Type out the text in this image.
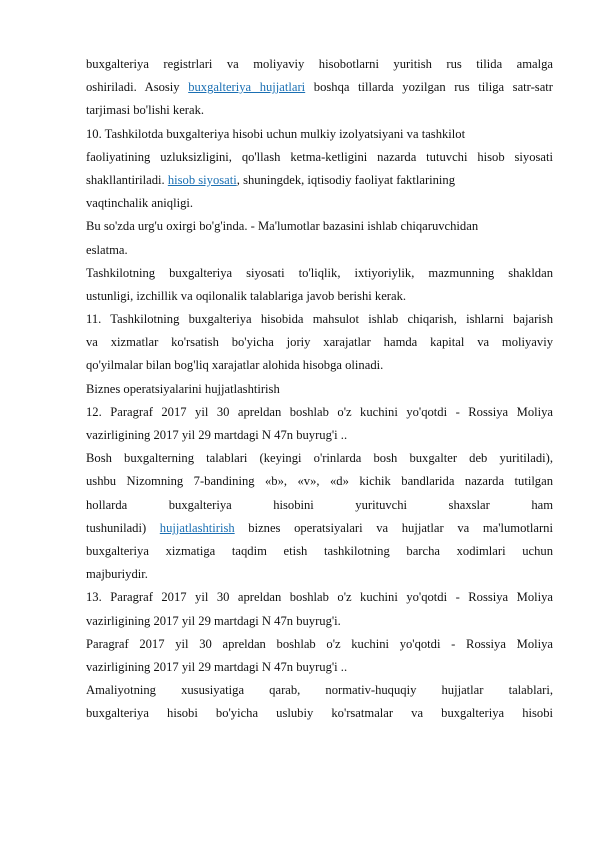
buxgalteriya registrlari va moliyaviy hisobotlarni yuritish rus tilida amalga
oshiriladi. Asosiy buxgalteriya hujjatlari boshqa tillarda yozilgan rus tiliga satr-satr
tarjimasi bo'lishi kerak.
10. Tashkilotda buxgalteriya hisobi uchun mulkiy izolyatsiyani va tashkilot
faoliyatining uzluksizligini, qo'llash ketma-ketligini nazarda tutuvchi hisob siyosati
shakllantiriladi. hisob siyosati, shuningdek, iqtisodiy faoliyat faktlarining
vaqtinchalik aniqligi.
Bu so'zda urg'u oxirgi bo'g'inda. - Ma'lumotlar bazasini ishlab chiqaruvchidan
eslatma.
Tashkilotning buxgalteriya siyosati to'liqlik, ixtiyoriylik, mazmunning shakldan
ustunligi, izchillik va oqilonalik talablariga javob berishi kerak.
11. Tashkilotning buxgalteriya hisobida mahsulot ishlab chiqarish, ishlarni bajarish
va xizmatlar ko'rsatish bo'yicha joriy xarajatlar hamda kapital va moliyaviy
qo'yilmalar bilan bog'liq xarajatlar alohida hisobga olinadi.
Biznes operatsiyalarini hujjatlashtirish
12. Paragraf 2017 yil 30 apreldan boshlab o'z kuchini yo'qotdi - Rossiya Moliya
vazirligining 2017 yil 29 martdagi N 47n buyrug'i ..
Bosh buxgalterning talablari (keyingi o'rinlarda bosh buxgalter deb yuritiladi),
ushbu Nizomning 7-bandining «b», «v», «d» kichik bandlarida nazarda tutilgan
hollarda buxgalteriya hisobini yurituvchi shaxslar ham
tushuniladi) hujjatlashtirish biznes operatsiyalari va hujjatlar va ma'lumotlarni
buxgalteriya xizmatiga taqdim etish tashkilotning barcha xodimlari uchun
majburiydir.
13. Paragraf 2017 yil 30 apreldan boshlab o'z kuchini yo'qotdi - Rossiya Moliya
vazirligining 2017 yil 29 martdagi N 47n buyrug'i.
Paragraf 2017 yil 30 apreldan boshlab o'z kuchini yo'qotdi - Rossiya Moliya
vazirligining 2017 yil 29 martdagi N 47n buyrug'i ..
Amaliyotning xususiyatiga qarab, normativ-huquqiy hujjatlar talablari,
buxgalteriya hisobi bo'yicha uslubiy ko'rsatmalar va buxgalteriya hisobi
